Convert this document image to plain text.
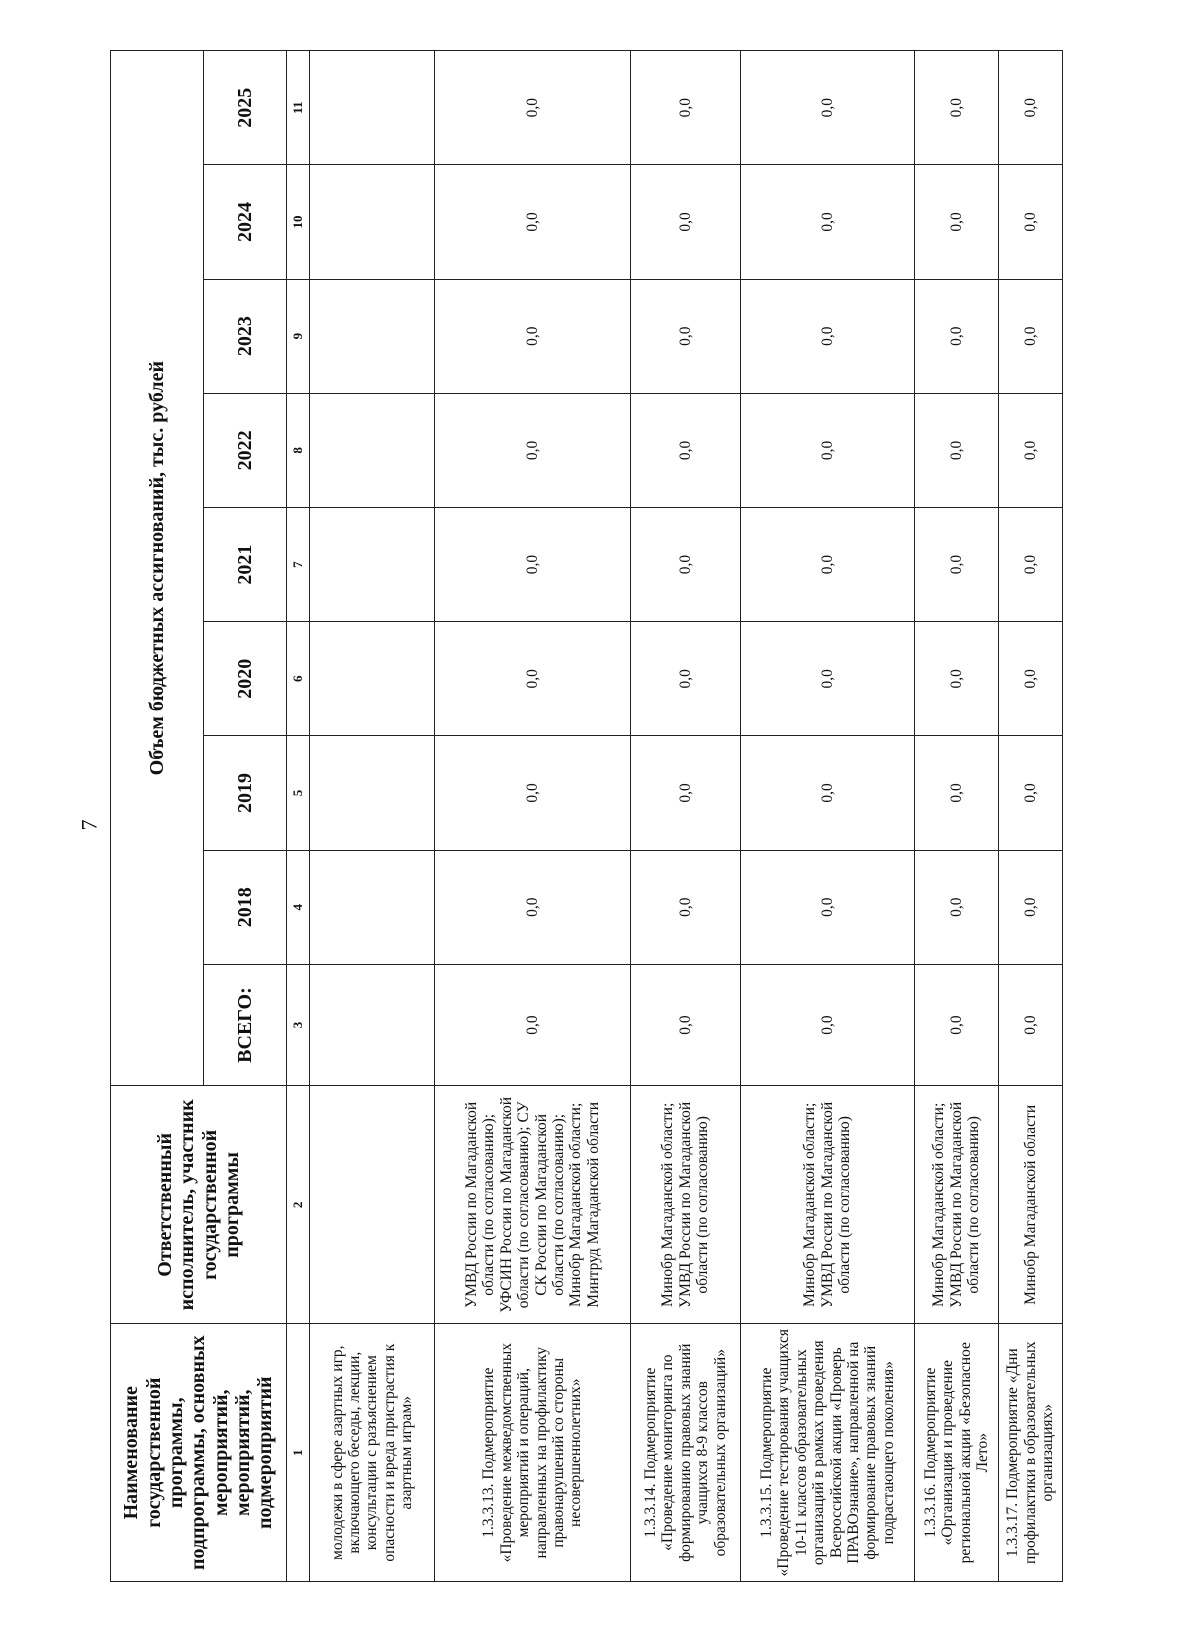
7
Наименование государственной программы, подпрограммы, основных мероприятий, мероприятий, подмероприятий	Ответственный исполнитель, участник государственной программы	Объем бюджетных ассигнований, тыс. рублей								
		ВСЕГО:	2018	2019	2020	2021	2022	2023	2024	2025
1	2	3	4	5	6	7	8	9	10	11
молодежи в сфере азартных игр, включающего беседы, лекции, консультации с разъяснением опасности и вреда пристрастия к азартным играм»										
1.3.3.13. Подмероприятие «Проведение межведомственных мероприятий и операций, направленных на профилактику правонарушений со стороны несовершеннолетних»	УМВД России по Магаданской области (по согласованию); УФСИН России по Магаданской области (по согласованию); СУ СК России по Магаданской области (по согласованию); Минобр Магаданской области; Минтруд Магаданской области	0,0	0,0	0,0	0,0	0,0	0,0	0,0	0,0	0,0
1.3.3.14. Подмероприятие «Проведение мониторинга по формированию правовых знаний учащихся 8-9 классов образовательных организаций»	Минобр Магаданской области; УМВД России по Магаданской области (по согласованию)	0,0	0,0	0,0	0,0	0,0	0,0	0,0	0,0	0,0
1.3.3.15. Подмероприятие «Проведение тестирования учащихся 10-11 классов образовательных организаций в рамках проведения Всероссийской акции «Проверь ПРАВОзнание», направленной на формирование правовых знаний подрастающего поколения»	Минобр Магаданской области; УМВД России по Магаданской области (по согласованию)	0,0	0,0	0,0	0,0	0,0	0,0	0,0	0,0	0,0
1.3.3.16. Подмероприятие «Организация и проведение региональной акции «Безопасное Лето»	Минобр Магаданской области; УМВД России по Магаданской области (по согласованию)	0,0	0,0	0,0	0,0	0,0	0,0	0,0	0,0	0,0
1.3.3.17. Подмероприятие «Дни профилактики в образовательных организациях»	Минобр Магаданской области	0,0	0,0	0,0	0,0	0,0	0,0	0,0	0,0	0,0
